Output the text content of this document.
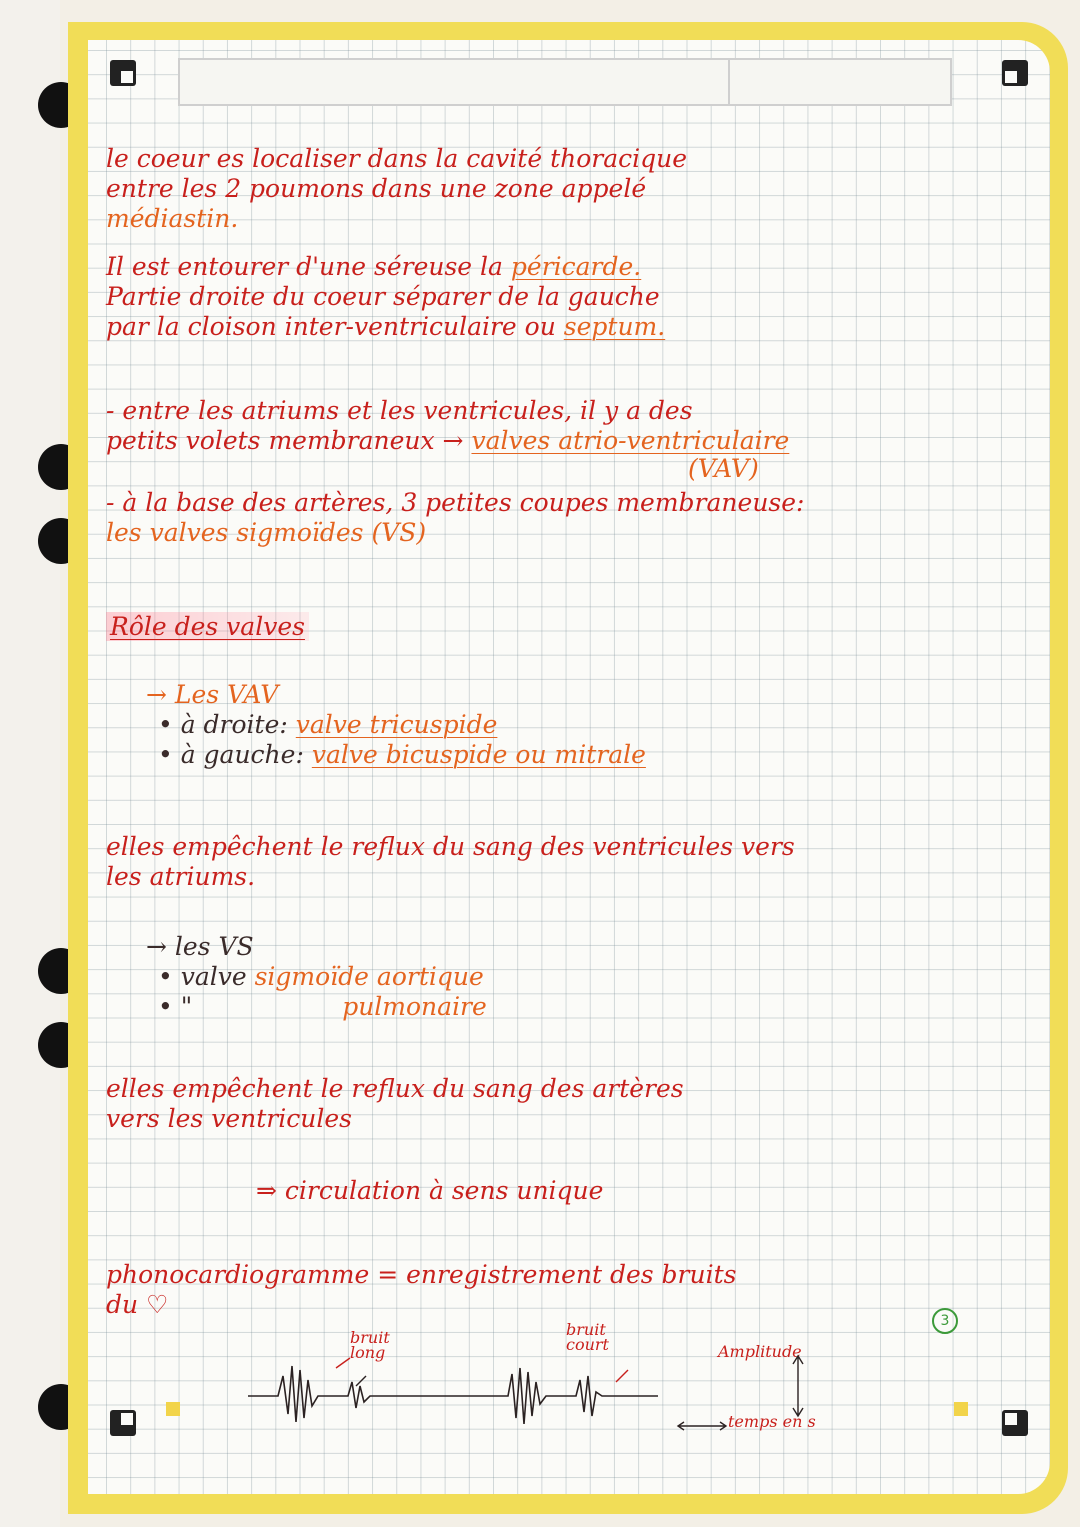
le coeur es localiser dans la cavité thoracique
entre les 2 poumons dans une zone appelé
médiastin.
Il est entourer d'une séreuse la péricarde.
Partie droite du coeur séparer de la gauche
par la cloison inter-ventriculaire ou septum.
- entre les atriums et les ventricules, il y a des
petits volets membraneux → valves atrio-ventriculaire
(VAV)
- à la base des artères, 3 petites coupes membraneuse:
les valves sigmoïdes (VS)
Rôle des valves
→ Les VAV
• à droite: valve tricuspide
• à gauche: valve bicuspide ou mitrale
elles empêchent le reflux du sang des ventricules vers
les atriums.
→ les VS
• valve sigmoïde aortique
• "	pulmonaire
elles empêchent le reflux du sang des artères
vers les ventricules
⇒ circulation à sens unique
phonocardiogramme = enregistrement des bruits
du ♡
bruit
long
bruit
court	Amplitude
temps en s
3
